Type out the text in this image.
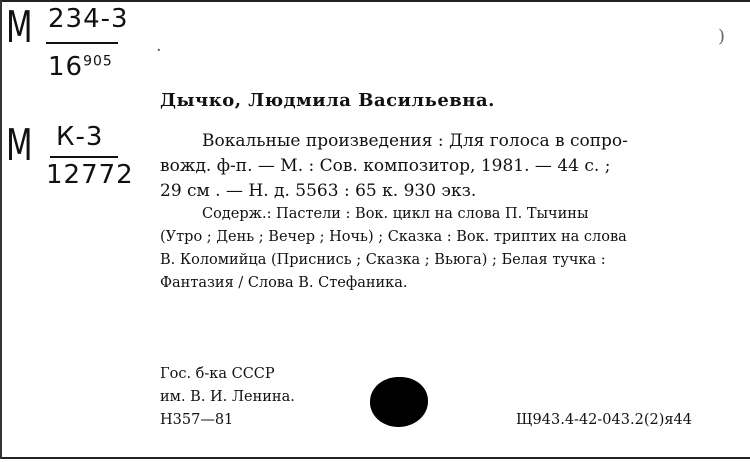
М 234-3
$16^{905}$
М К-3
12772
·
)
Дычко, Людмила Васильевна.
Вокальные произведения : Для голоса в сопро-
вожд. ф-п. — М. : Сов. композитор, 1981. — 44 с. ;
29 см . — Н. д. 5563 : 65 к. 930 экз.
Содерж.: Пастели : Вок. цикл на слова П. Тычины
(Утро ; День ; Вечер ; Ночь) ; Сказка : Вок. триптих на слова
В. Коломийца (Приснись ; Сказка ; Вьюга) ; Белая тучка :
Фантазия / Слова В. Стефаника.
Гос. б-ка СССР
им. В. И. Ленина.
Н357—81	Щ943.4-42-043.2(2)я44
